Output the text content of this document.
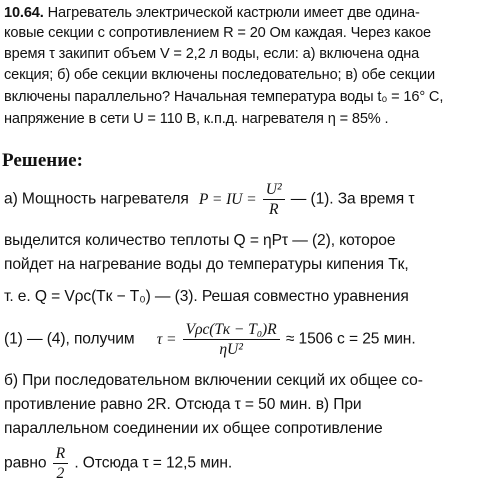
10.64. Нагреватель электрической кастрюли имеет две одина-
ковые секции с сопротивлением R = 20 Ом каждая. Через какое
время τ закипит объем V = 2,2 л воды, если: а) включена одна
секция; б) обе секции включены последовательно; в) обе секции
включены параллельно? Начальная температура воды t₀ = 16° C,
напряжение в сети U = 110 В, к.п.д. нагревателя η = 85% .
Решение:
а) Мощность нагревателя P = IU = $\frac{\text{U²}}{R}$ — (1). За время τ
выделится количество теплоты Q = ηPτ — (2), которое
пойдет на нагревание воды до температуры кипения Tк,
т. е. Q = Vρc(Tк − T₀) — (3). Решая совместно уравнения
(1) — (4), получим $\tau = \frac{\text{Vρc(Tк − T₀)R}}{\text{ηU²}} \approx 1506$ с = 25 мин.
б) При последовательном включении секций их общее со-
противление равно 2R. Отсюда τ = 50 мин. в) При
параллельном соединении их общее сопротивление
равно $\frac{R}{2}$ . Отсюда τ = 12,5 мин.
